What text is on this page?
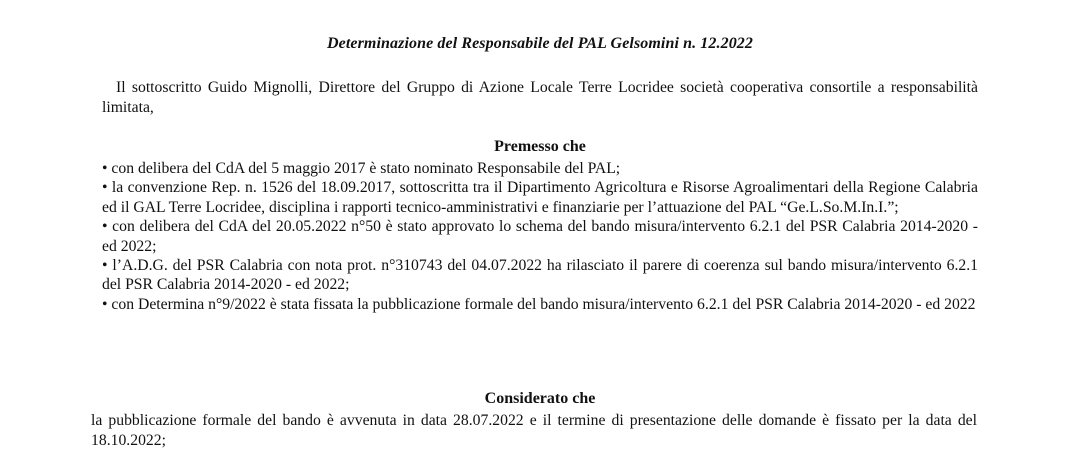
Determinazione del Responsabile del PAL Gelsomini n. 12.2022

Il sottoscritto Guido Mignolli, Direttore del Gruppo di Azione Locale Terre Locridee società cooperativa consortile a responsabilità limitata,

Premesso che
• con delibera del CdA del 5 maggio 2017 è stato nominato Responsabile del PAL;
• la convenzione Rep. n. 1526 del 18.09.2017, sottoscritta tra il Dipartimento Agricoltura e Risorse Agroalimentari della Regione Calabria ed il GAL Terre Locridee, disciplina i rapporti tecnico-amministrativi e finanziarie per l’attuazione del PAL “Ge.L.So.M.In.I.”;
• con delibera del CdA del 20.05.2022 n°50 è stato approvato lo schema del bando misura/intervento 6.2.1 del PSR Calabria 2014-2020 - ed 2022;
• l’A.D.G. del PSR Calabria con nota prot. n°310743 del 04.07.2022 ha rilasciato il parere di coerenza sul bando misura/intervento 6.2.1 del PSR Calabria 2014-2020 - ed 2022;
• con Determina n°9/2022 è stata fissata la pubblicazione formale del bando misura/intervento 6.2.1 del PSR Calabria 2014-2020 - ed 2022
Considerato che

la pubblicazione formale del bando è avvenuta in data 28.07.2022 e il termine di presentazione delle domande è fissato per la data del 18.10.2022;
